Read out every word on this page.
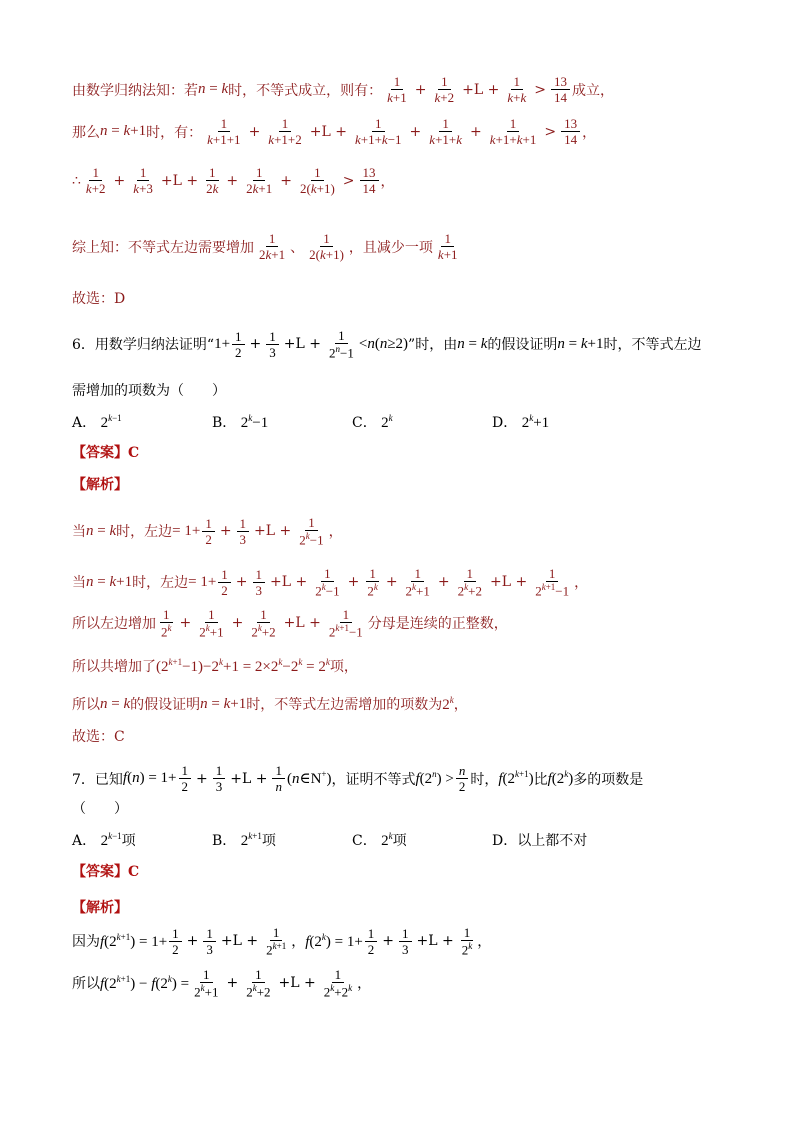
由数学归纳法知：若 n = k 时，不等式成立，则有： $\frac{1}{k+1} + \frac{1}{k+2} +L + \frac{1}{k+k} > \frac{13}{14}$ 成立，
那么 n = k+1 时，有： $\frac{1}{k+1+1} + \frac{1}{k+1+2} +L + \frac{1}{k+1+k-1} + \frac{1}{k+1+k} + \frac{1}{k+1+k+1} > \frac{13}{14}$ ，
∴ $\frac{1}{k+2} + \frac{1}{k+3} +L + \frac{1}{2k} + \frac{1}{2k+1} + \frac{1}{2(k+1)} > \frac{13}{14}$ ，
综上知：不等式左边需要增加 $\frac{1}{2k+1}$ 、 $\frac{1}{2(k+1)}$ ，且减少一项 $\frac{1}{k+1}$
故选：D
6．用数学归纳法证明“ $1+ \frac{1}{2} + \frac{1}{3} +L + \frac{1}{2^n-1} <n(n\ge 2)$ ”时，由 n = k 的假设证明 n = k+1 时，不等式左边
需增加的项数为（　　）
A． $2^{k-1}$	B． $2^k-1$	C． 2$^k$	D． $2^k+1$
【答案】C
【解析】
当 n = k 时，左边 = $1+ \frac{1}{2} + \frac{1}{3} +L + \frac{1}{2^k-1}$ ，
当 n = k+1 时，左边 = $1+ \frac{1}{2} + \frac{1}{3} +L + \frac{1}{2^k-1} + \frac{1}{2^k} + \frac{1}{2^k+1} + \frac{1}{2^k+2} +L + \frac{1}{2^{k+1}-1}$ ，
所以左边增加 $\frac{1}{2^k} + \frac{1}{2^k+1} + \frac{1}{2^k+2} +L + \frac{1}{2^{k+1}-1}$ 分母是连续的正整数，
所以共增加了 $(2^{k+1}-1)-2^k+1 = 2\times 2^k-2^k = 2^k$ 项，
所以 n = k 的假设证明 n = k+1 时，不等式左边需增加的项数为 2$^k$ ，
故选：C
7．已知 $f(n) = 1+ \frac{1}{2} + \frac{1}{3} +L + \frac{1}{n}$ (n∈N+) ，证明不等式 $f(2^n) > \frac{n}{2}$ 时， $f(2^{k+1})$ 比 f(2$^k$) 多的项数是
（　　）
A． $2^{k-1}$项	B． $2^{k+1}$项	C． 2$^k$项	D．以上都不对
【答案】C
【解析】
因为 $f(2^{k+1}) = 1+ \frac{1}{2} + \frac{1}{3} +L + \frac{1}{2^{k+1}}$ ， $f(2^k) = 1+ \frac{1}{2} + \frac{1}{3} +L + \frac{1}{2^k}$ ，
所以 $f(2^{k+1}) - f(2^k) = \frac{1}{2^k+1} + \frac{1}{2^k+2} +L + \frac{1}{2^k+2^k}$ ，
